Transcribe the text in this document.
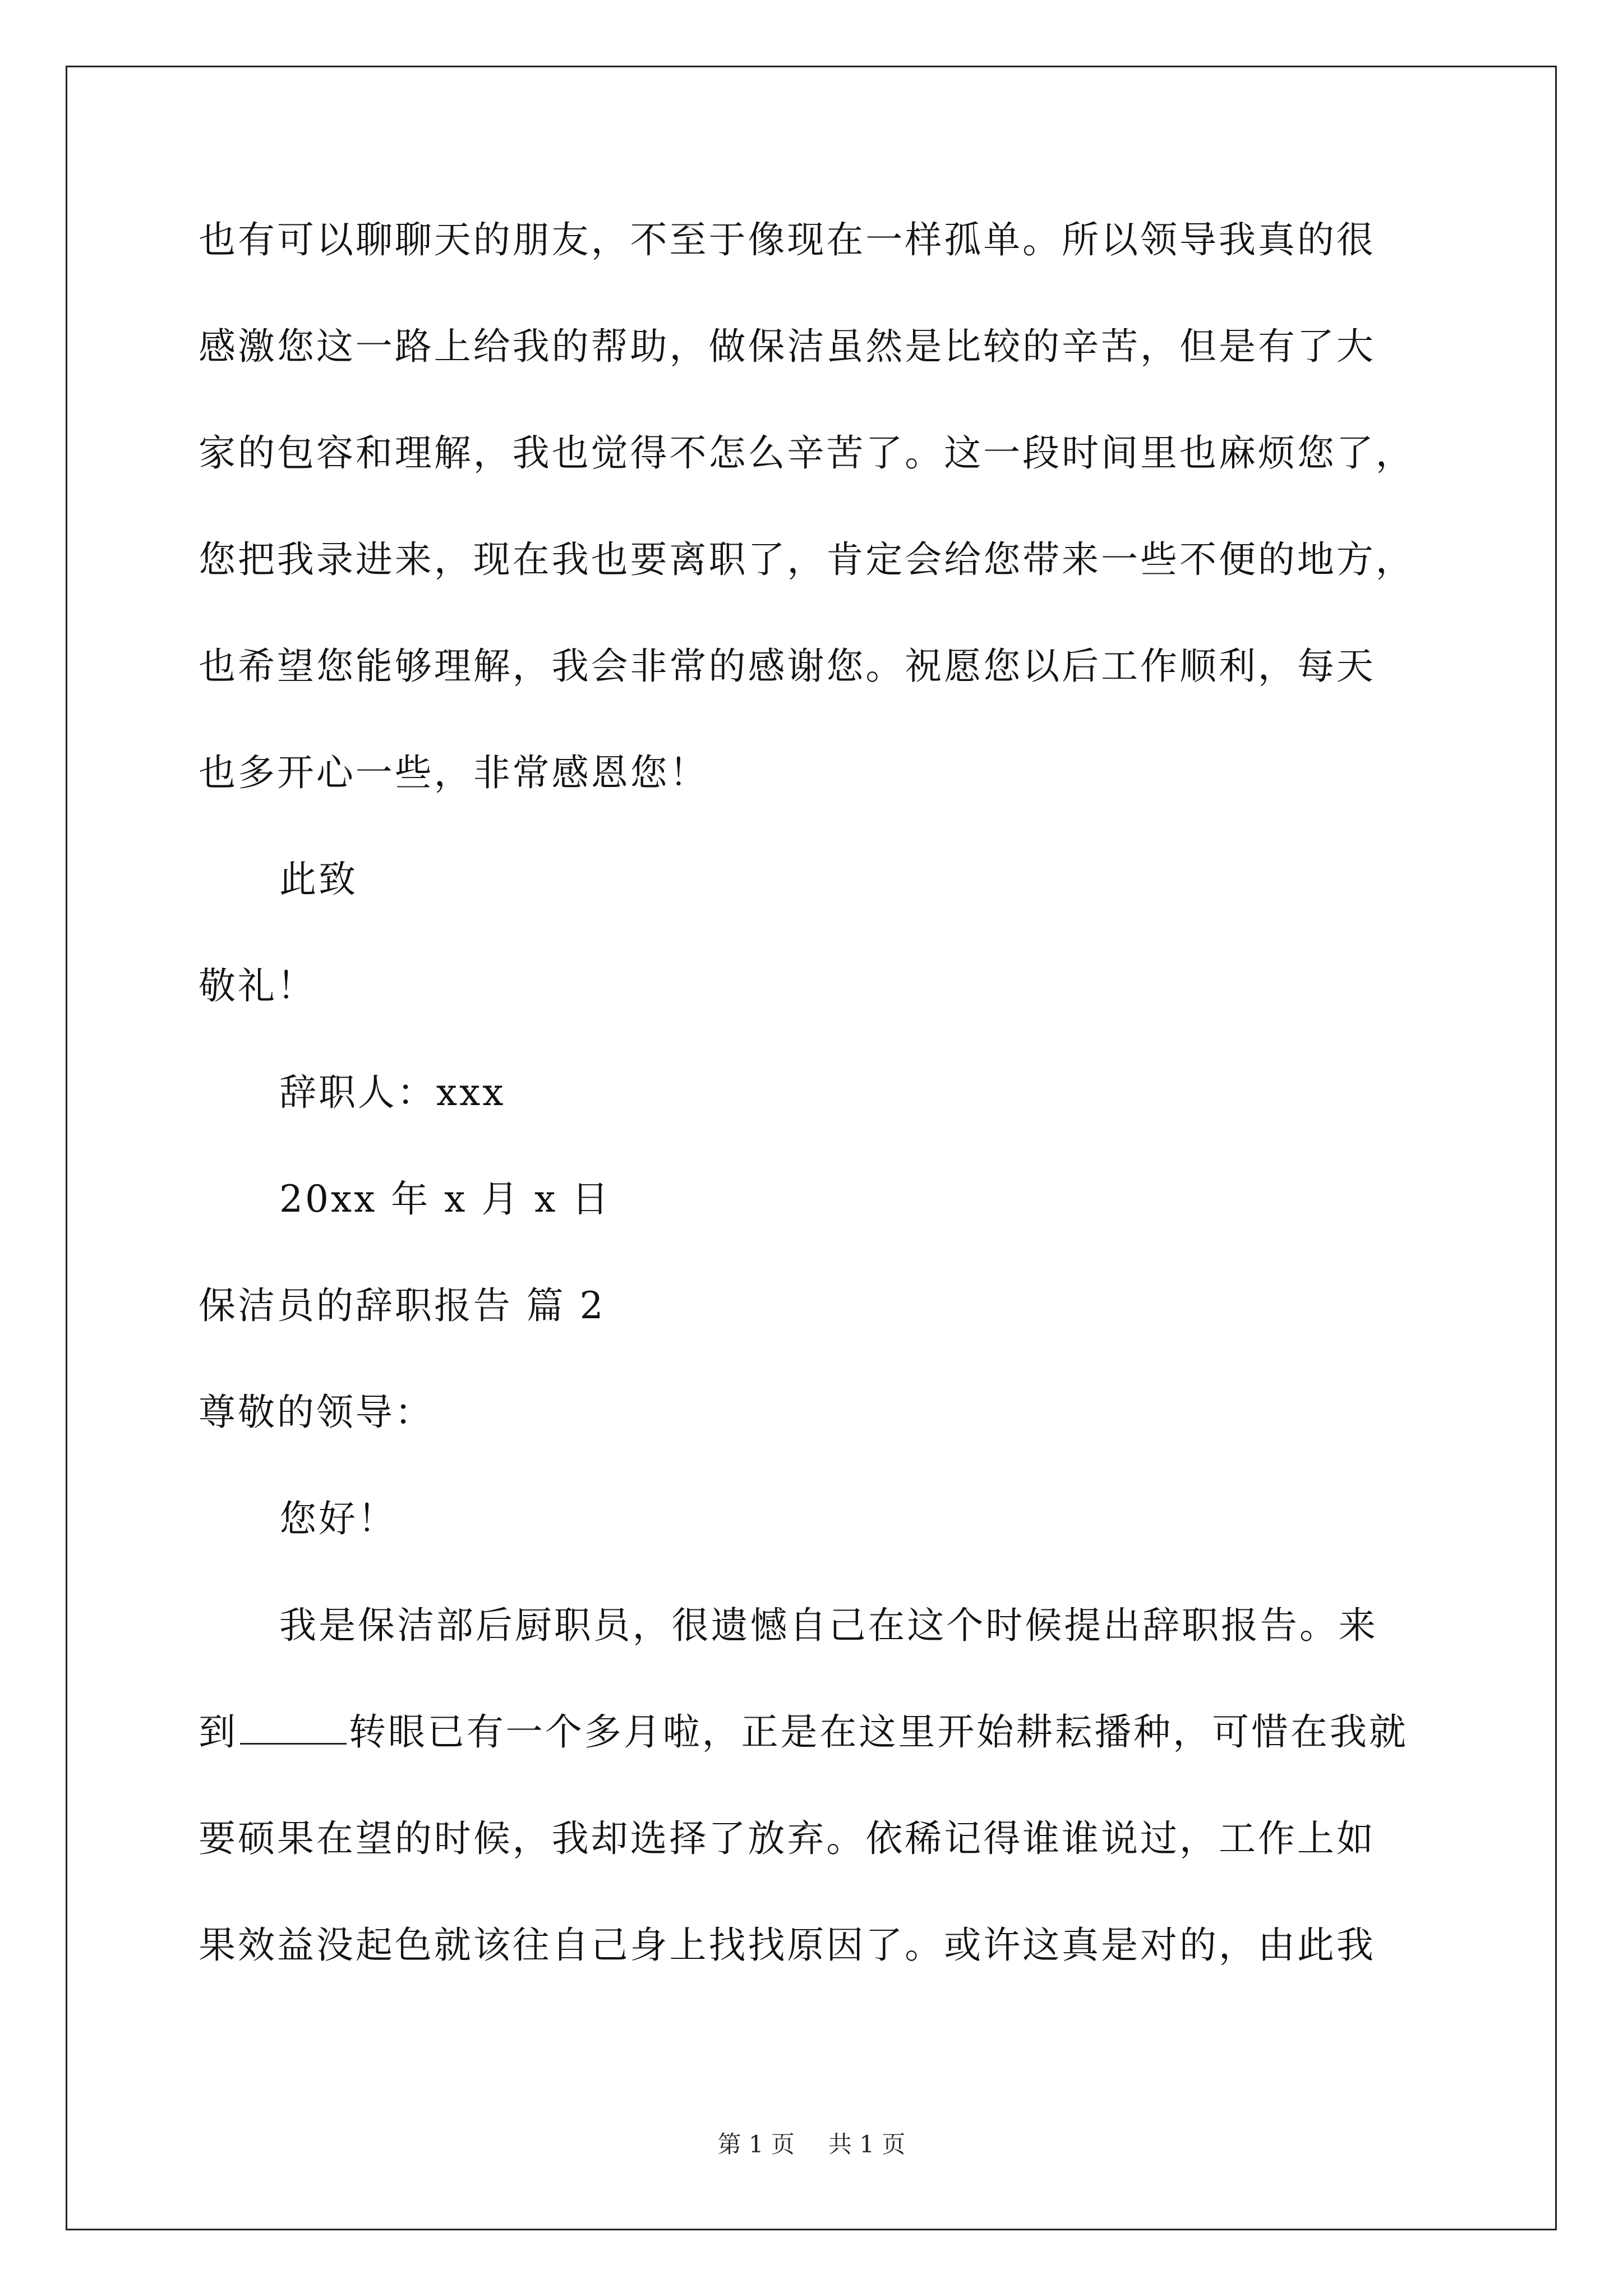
也有可以聊聊天的朋友，不至于像现在一样孤单。所以领导我真的很
感激您这一路上给我的帮助，做保洁虽然是比较的辛苦，但是有了大
家的包容和理解，我也觉得不怎么辛苦了。这一段时间里也麻烦您了，
您把我录进来，现在我也要离职了，肯定会给您带来一些不便的地方，
也希望您能够理解，我会非常的感谢您。祝愿您以后工作顺利，每天
也多开心一些，非常感恩您！
此致
敬礼！
辞职人：xxx
20xx 年 x 月 x 日
保洁员的辞职报告 篇 2
尊敬的领导：
您好！
我是保洁部后厨职员，很遗憾自己在这个时候提出辞职报告。来
到	转眼已有一个多月啦，正是在这里开始耕耘播种，可惜在我就
要硕果在望的时候，我却选择了放弃。依稀记得谁谁说过，工作上如
果效益没起色就该往自己身上找找原因了。或许这真是对的，由此我
第 1 页 共 1 页
